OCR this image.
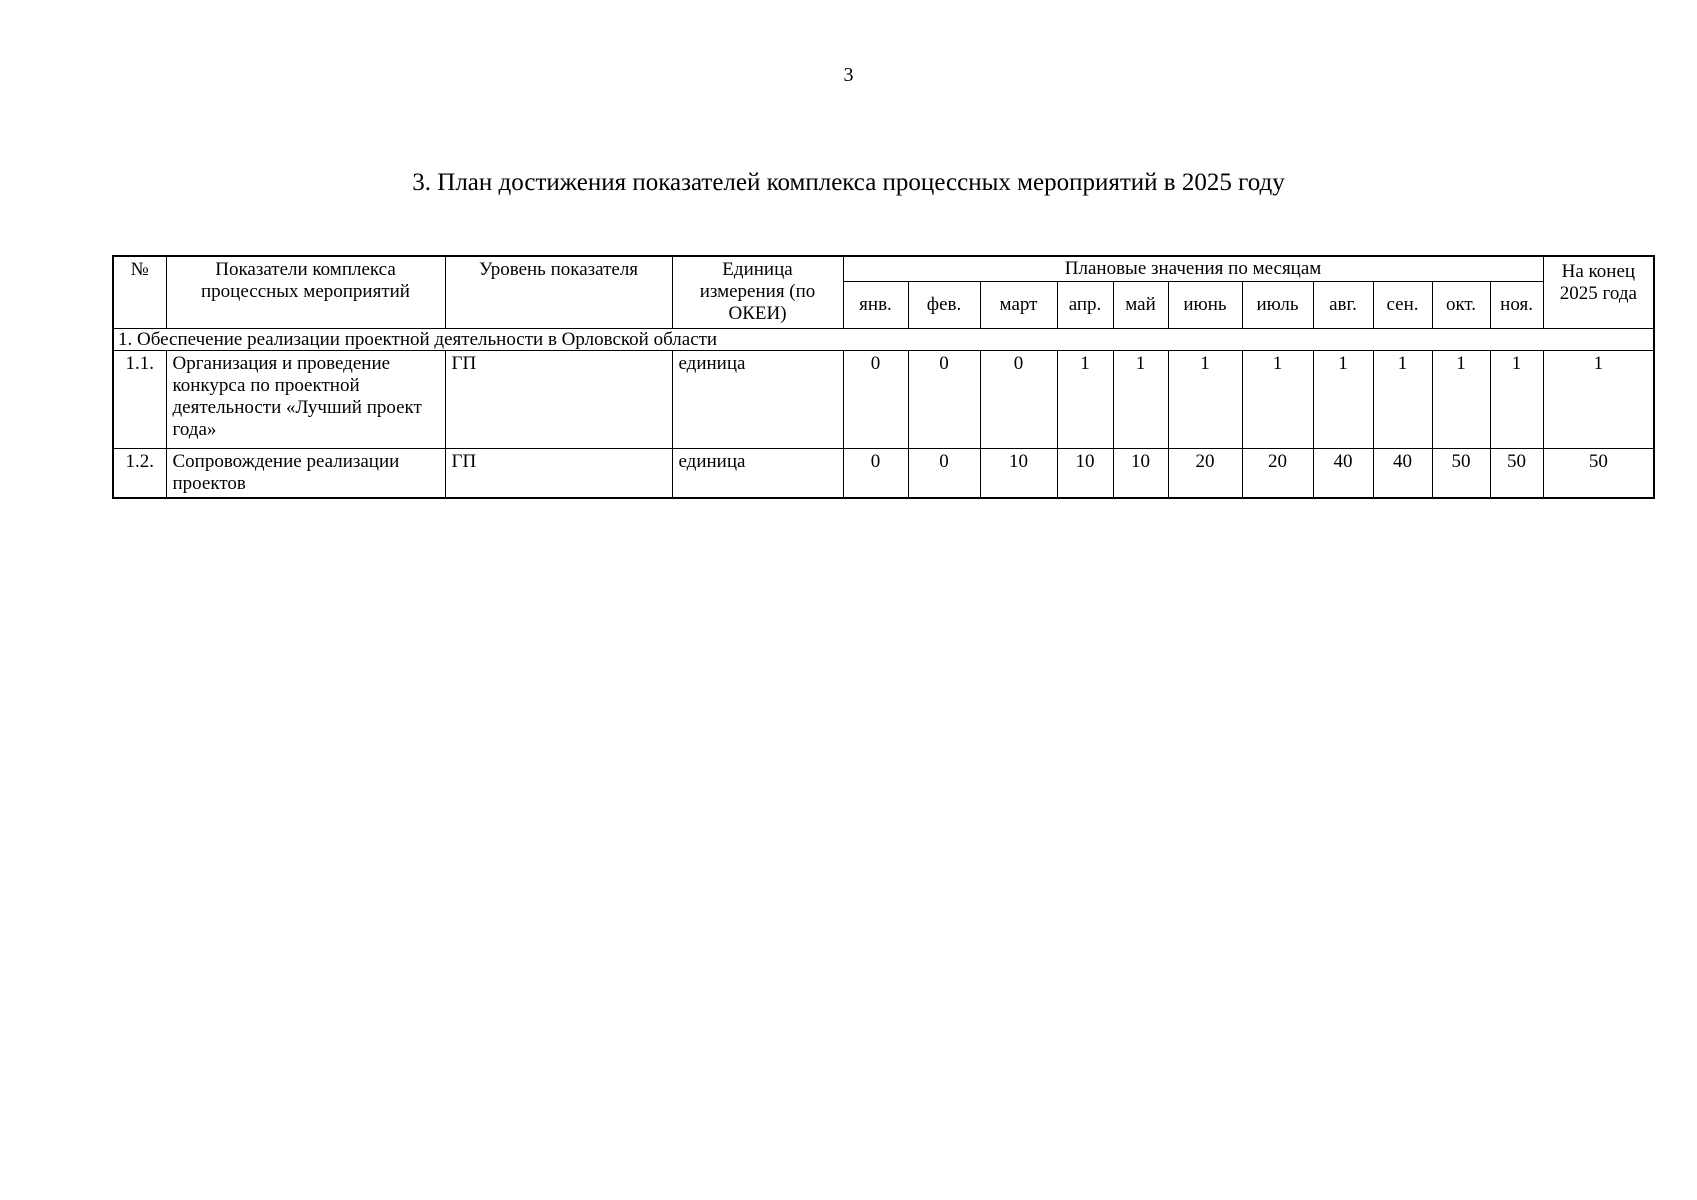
3
3. План достижения показателей комплекса процессных мероприятий в 2025 году
№	Показатели комплекса процессных мероприятий	Уровень показателя	Единица измерения (по ОКЕИ)	Плановые значения по месяцам											На конец 2025 года
				янв.	фев.	март	апр.	май	июнь	июль	авг.	сен.	окт.	ноя.	
1. Обеспечение реализации проектной деятельности в Орловской области															
1.1.	Организация и проведение конкурса по проектной деятельности «Лучший проект года»	ГП	единица	0	0	0	1	1	1	1	1	1	1	1	1
1.2.	Сопровождение реализации проектов	ГП	единица	0	0	10	10	10	20	20	40	40	50	50	50
